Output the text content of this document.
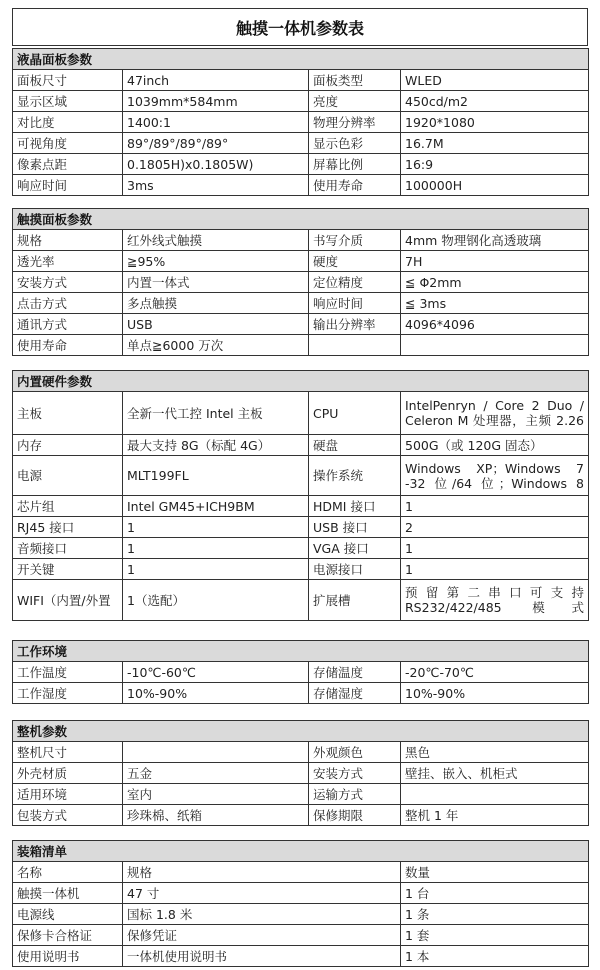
触摸一体机参数表
液晶面板参数			
面板尺寸	47inch	面板类型	WLED
显示区域	1039mm*584mm	亮度	450cd/m2
对比度	1400:1	物理分辨率	1920*1080
可视角度	89°/89°/89°/89°	显示色彩	16.7M
像素点距	0.1805H)x0.1805W)	屏幕比例	16:9
响应时间	3ms	使用寿命	100000H
触摸面板参数			
规格	红外线式触摸	书写介质	4mm 物理钢化高透玻璃
透光率	≧95%	硬度	7H
安装方式	内置一体式	定位精度	≦ Φ2mm
点击方式	多点触摸	响应时间	≦ 3ms
通讯方式	USB	输出分辨率	4096*4096
使用寿命	单点≧6000 万次		
内置硬件参数			
主板	全新一代工控 Intel 主板	CPU	IntelPenryn / Core 2 Duo / Celeron M 处理器，主频 2.26
内存	最大支持 8G（标配 4G）	硬盘	500G（或 120G 固态）
电源	MLT199FL	操作系统	Windows XP；Windows 7 -32 位/64 位；Windows 8
芯片组	Intel GM45+ICH9BM	HDMI 接口	1
RJ45 接口	1	USB 接口	2
音频接口	1	VGA 接口	1
开关键	1	电源接口	1
WIFI（内置/外置	1（选配）	扩展槽	预留第二串口可支持 RS232/422/485 模式
工作环境			
工作温度	-10℃-60℃	存储温度	-20℃-70℃
工作湿度	10%-90%	存储湿度	10%-90%
整机参数			
整机尺寸		外观颜色	黑色
外壳材质	五金	安装方式	壁挂、嵌入、机柜式
适用环境	室内	运输方式	
包装方式	珍珠棉、纸箱	保修期限	整机 1 年
装箱清单		
名称	规格	数量
触摸一体机	47 寸	1 台
电源线	国标 1.8 米	1 条
保修卡合格证	保修凭证	1 套
使用说明书	一体机使用说明书	1 本
